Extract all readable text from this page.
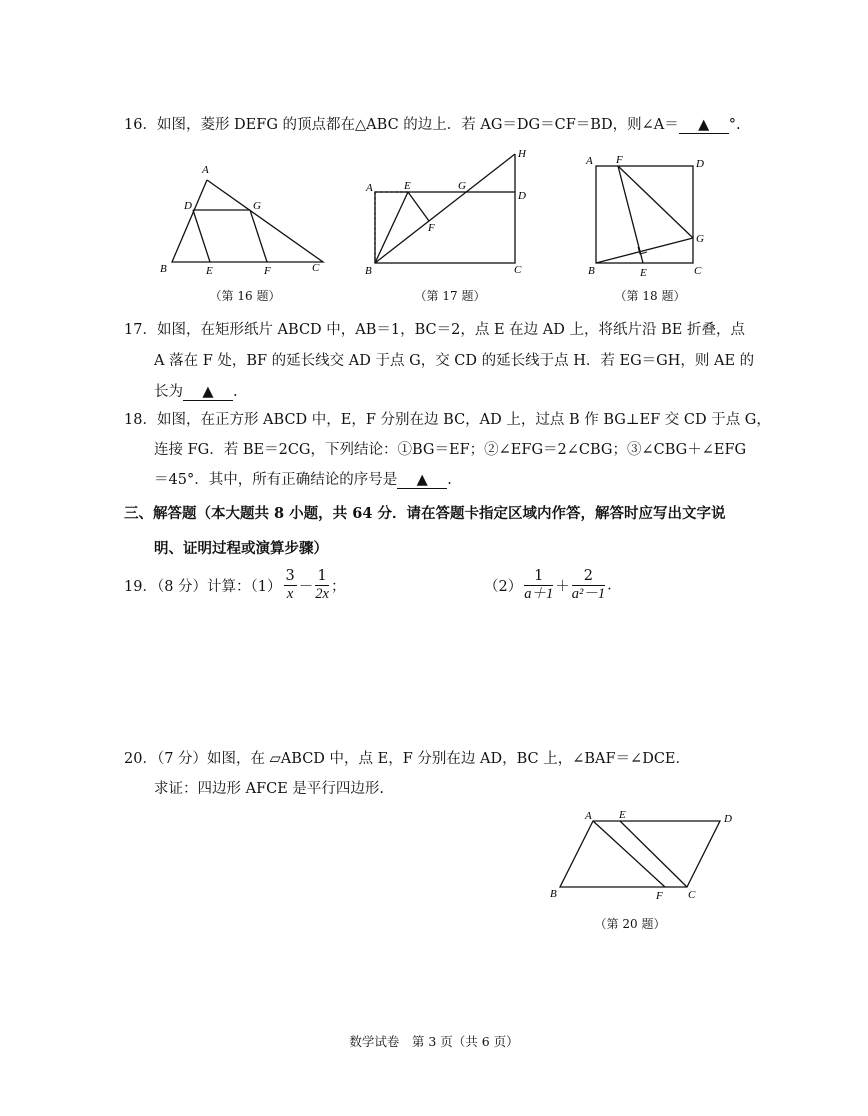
16．如图，菱形 DEFG 的顶点都在△ABC 的边上．若 AG＝DG＝CF＝BD，则∠A＝ ▲ °.
A
D	G
B	E	F	C
（第 16 题）
H
A	E	G
D
F
B	C
（第 17 题）
A F	D
G
B	E	C
（第 18 题）
17．如图，在矩形纸片 ABCD 中，AB＝1，BC＝2，点 E 在边 AD 上，将纸片沿 BE 折叠，点
A 落在 F 处，BF 的延长线交 AD 于点 G，交 CD 的延长线于点 H．若 EG＝GH，则 AE 的
长为 ▲ .
18．如图，在正方形 ABCD 中，E，F 分别在边 BC，AD 上，过点 B 作 BG⊥EF 交 CD 于点 G，
连接 FG．若 BE＝2CG，下列结论：①BG＝EF；②∠EFG＝2∠CBG；③∠CBG＋∠EFG
＝45°．其中，所有正确结论的序号是 ▲ .
三、解答题（本大题共 8 小题，共 64 分．请在答题卡指定区域内作答，解答时应写出文字说
明、证明过程或演算步骤）
19．（8 分）计算：$(1) \frac{3}{x} - \frac{1}{2x}$ ；	$(2) \frac{1}{a+1} + \frac{2}{\text{a²－1}}$ .
20．（7 分）如图，在 ▱ABCD 中，点 E，F 分别在边 AD，BC 上，∠BAF＝∠DCE．
求证：四边形 AFCE 是平行四边形.
A E	D
B	F C
（第 20 题）
数学试卷　第 3 页（共 6 页）
